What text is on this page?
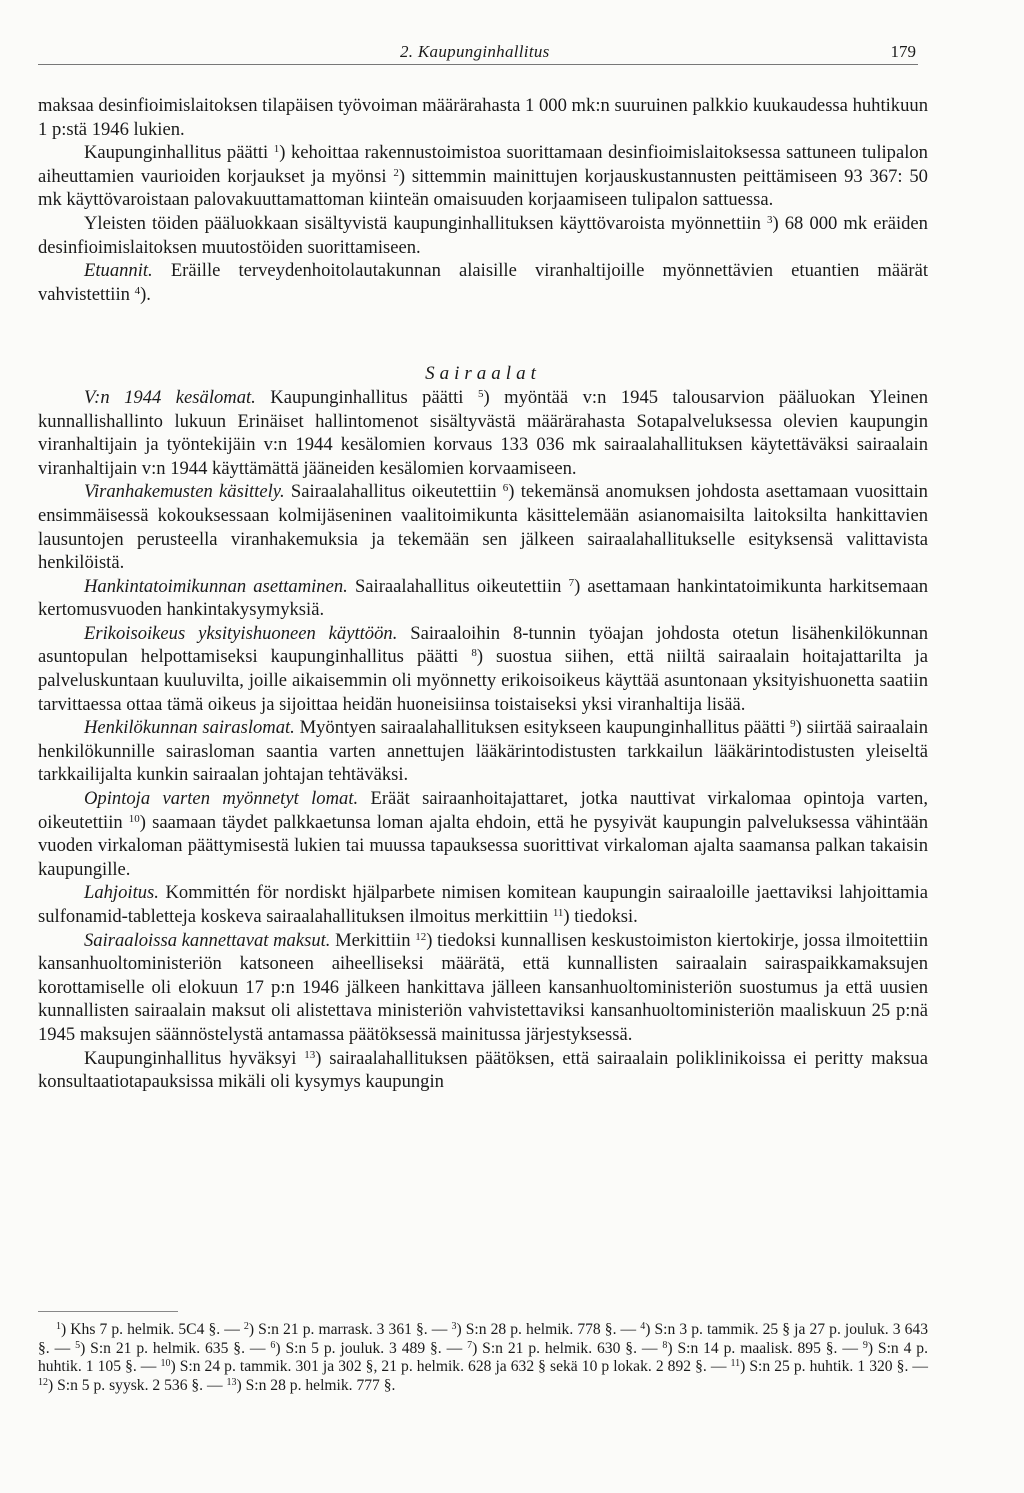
2. Kaupunginhallitus	179

maksaa desinfioimislaitoksen tilapäisen työvoiman määrärahasta 1 000 mk:n suuruinen palkkio kuukaudessa huhtikuun 1 p:stä 1946 lukien.

Kaupunginhallitus päätti $^1$) kehoittaa rakennustoimistoa suorittamaan desinfioimislaitoksessa sattuneen tulipalon aiheuttamien vaurioiden korjaukset ja myönsi $^2$) sittemmin mainittujen korjauskustannusten peittämiseen 93 367: 50 mk käyttövaroistaan palovakuuttamattoman kiinteän omaisuuden korjaamiseen tulipalon sattuessa.

Yleisten töiden pääluokkaan sisältyvistä kaupunginhallituksen käyttövaroista myönnettiin $^3$) 68 000 mk eräiden desinfioimislaitoksen muutostöiden suorittamiseen.

Etuannit. Eräille terveydenhoitolautakunnan alaisille viranhaltijoille myönnettävien etuantien määrät vahvistettiin $^4$).

Sairaalat

V:n 1944 kesälomat. Kaupunginhallitus päätti $^5$) myöntää v:n 1945 talousarvion pääluokan Yleinen kunnallishallinto lukuun Erinäiset hallintomenot sisältyvästä määrärahasta Sotapalveluksessa olevien kaupungin viranhaltijain ja työntekijäin v:n 1944 kesälomien korvaus 133 036 mk sairaalahallituksen käytettäväksi sairaalain viranhaltijain v:n 1944 käyttämättä jääneiden kesälomien korvaamiseen.

Viranhakemusten käsittely. Sairaalahallitus oikeutettiin $^6$) tekemänsä anomuksen johdosta asettamaan vuosittain ensimmäisessä kokouksessaan kolmijäseninen vaalitoimikunta käsittelemään asianomaisilta laitoksilta hankittavien lausuntojen perusteella viranhakemuksia ja tekemään sen jälkeen sairaalahallitukselle esityksensä valittavista henkilöistä.

Hankintatoimikunnan asettaminen. Sairaalahallitus oikeutettiin $^7$) asettamaan hankintatoimikunta harkitsemaan kertomusvuoden hankintakysymyksiä.

Erikoisoikeus yksityishuoneen käyttöön. Sairaaloihin 8-tunnin työajan johdosta otetun lisähenkilökunnan asuntopulan helpottamiseksi kaupunginhallitus päätti $^8$) suostua siihen, että niiltä sairaalain hoitajattarilta ja palveluskuntaan kuuluvilta, joille aikaisemmin oli myönnetty erikoisoikeus käyttää asuntonaan yksityishuonetta saatiin tarvittaessa ottaa tämä oikeus ja sijoittaa heidän huoneisiinsa toistaiseksi yksi viranhaltija lisää.

Henkilökunnan sairaslomat. Myöntyen sairaalahallituksen esitykseen kaupunginhallitus päätti $^9$) siirtää sairaalain henkilökunnille sairasloman saantia varten annettujen lääkärintodistusten tarkkailun lääkärintodistusten yleiseltä tarkkailijalta kunkin sairaalan johtajan tehtäväksi.

Opintoja varten myönnetyt lomat. Eräät sairaanhoitajattaret, jotka nauttivat virkalomaa opintoja varten, oikeutettiin $^{10}$) saamaan täydet palkkaetunsa loman ajalta ehdoin, että he pysyivät kaupungin palveluksessa vähintään vuoden virkaloman päättymisestä lukien tai muussa tapauksessa suorittivat virkaloman ajalta saamansa palkan takaisin kaupungille.

Lahjoitus. Kommittén för nordiskt hjälparbete nimisen komitean kaupungin sairaaloille jaettaviksi lahjoittamia sulfonamid-tabletteja koskeva sairaalahallituksen ilmoitus merkittiin $^{11}$) tiedoksi.

Sairaaloissa kannettavat maksut. Merkittiin $^{12}$) tiedoksi kunnallisen keskustoimiston kiertokirje, jossa ilmoitettiin kansanhuoltoministeriön katsoneen aiheelliseksi määrätä, että kunnallisten sairaalain sairaspaikkamaksujen korottamiselle oli elokuun 17 p:n 1946 jälkeen hankittava jälleen kansanhuoltoministeriön suostumus ja että uusien kunnallisten sairaalain maksut oli alistettava ministeriön vahvistettaviksi kansanhuoltoministeriön maaliskuun 25 p:nä 1945 maksujen säännöstelystä antamassa päätöksessä mainitussa järjestyksessä.

Kaupunginhallitus hyväksyi $^{13}$) sairaalahallituksen päätöksen, että sairaalain poliklinikoissa ei peritty maksua konsultaatiotapauksissa mikäli oli kysymys kaupungin

$^1$) Khs 7 p. helmik. 5C4 §. — $^2$) S:n 21 p. marrask. 3 361 §. — $^3$) S:n 28 p. helmik. 778 §. — $^4$) S:n 3 p. tammik. 25 § ja 27 p. jouluk. 3 643 §. — $^5$) S:n 21 p. helmik. 635 §. — $^6$) S:n 5 p. jouluk. 3 489 §. — $^7$) S:n 21 p. helmik. 630 §. — $^8$) S:n 14 p. maalisk. 895 §. — $^9$) S:n 4 p. huhtik. 1 105 §. — $^{10}$) S:n 24 p. tammik. 301 ja 302 §, 21 p. helmik. 628 ja 632 § sekä 10 p lokak. 2 892 §. — $^{11}$) S:n 25 p. huhtik. 1 320 §. — $^{12}$) S:n 5 p. syysk. 2 536 §. — $^{13}$) S:n 28 p. helmik. 777 §.
